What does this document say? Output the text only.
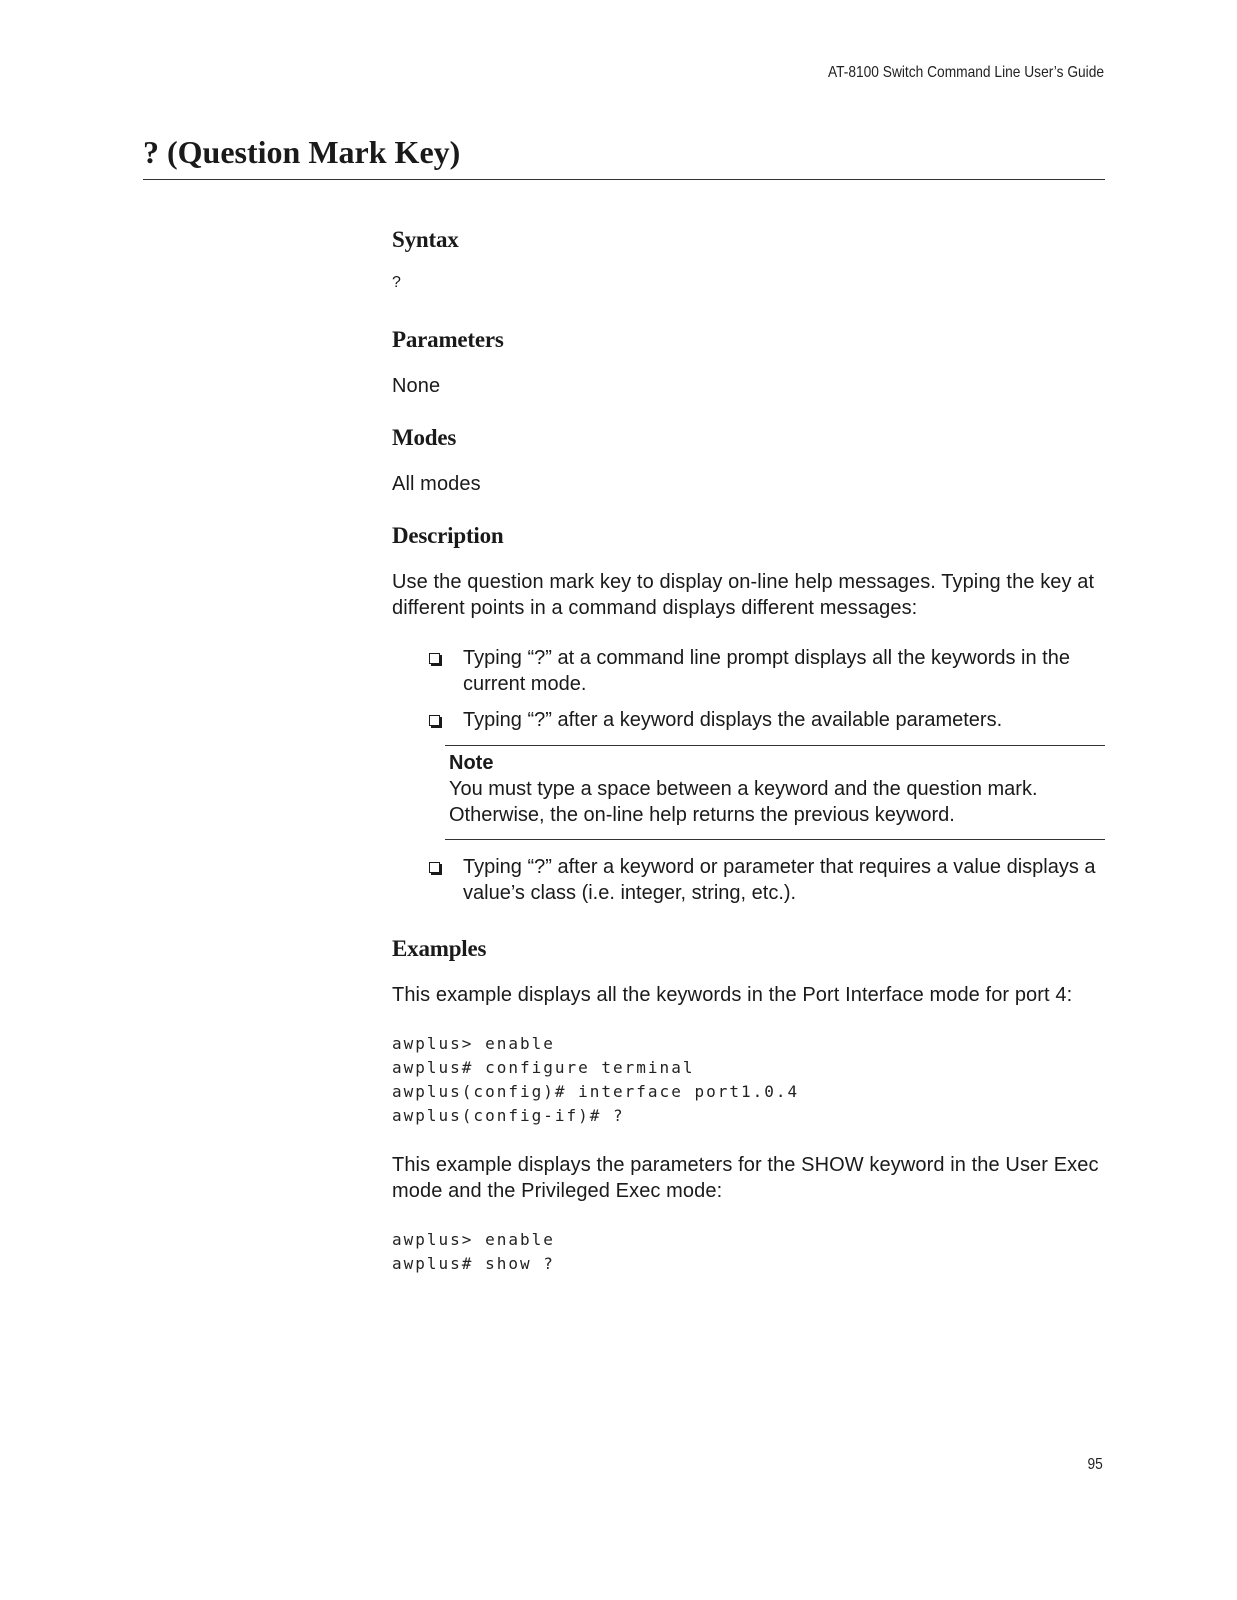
AT-8100 Switch Command Line User’s Guide
? (Question Mark Key)
Syntax

?

Parameters

None

Modes

All modes

Description

Use the question mark key to display on-line help messages. Typing the key at different points in a command displays different messages:

Typing “?” at a command line prompt displays all the keywords in the current mode.
Typing “?” after a keyword displays the available parameters.
Note
You must type a space between a keyword and the question mark. Otherwise, the on-line help returns the previous keyword.
Typing “?” after a keyword or parameter that requires a value displays a value’s class (i.e. integer, string, etc.).
Examples

This example displays all the keywords in the Port Interface mode for port 4:

awplus> enable
awplus# configure terminal
awplus(config)# interface port1.0.4
awplus(config-if)# ?

This example displays the parameters for the SHOW keyword in the User Exec mode and the Privileged Exec mode:

awplus> enable
awplus# show ?
95
